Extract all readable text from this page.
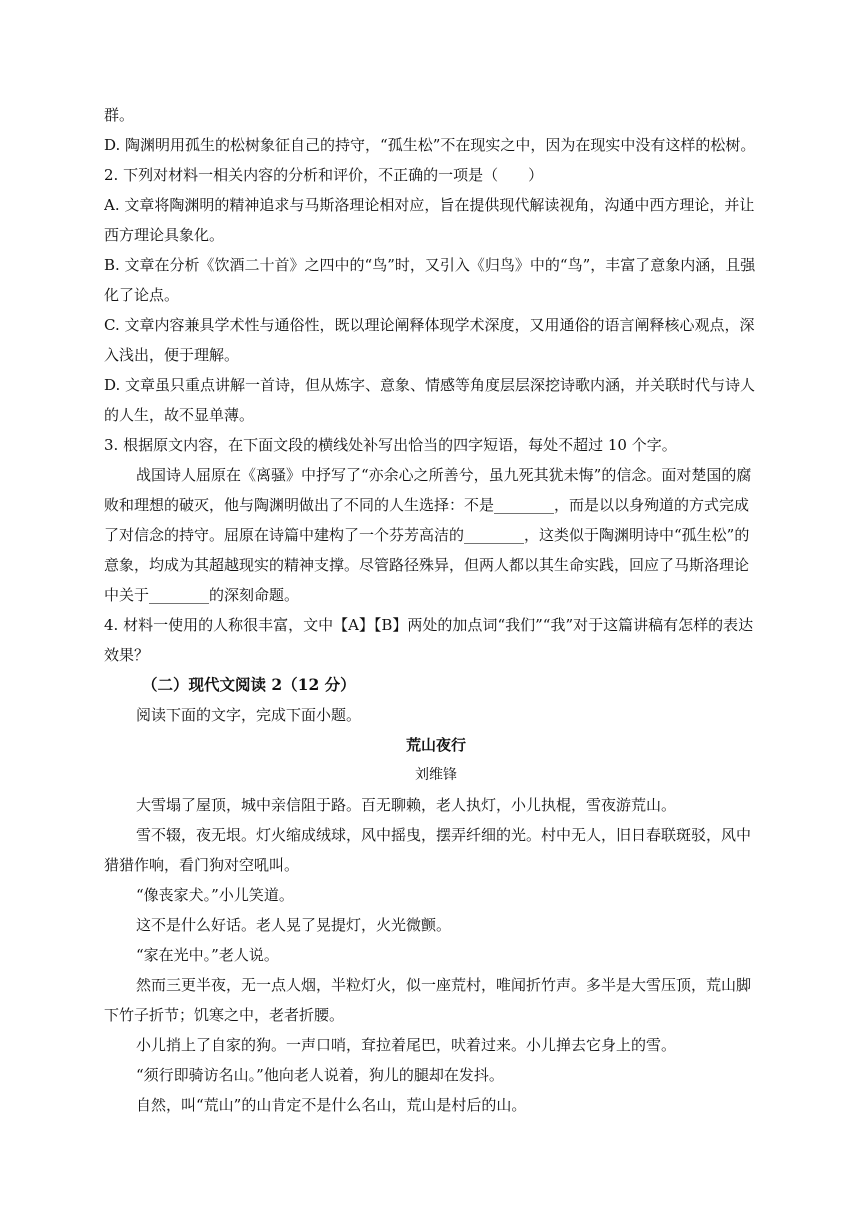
群。
D. 陶渊明用孤生的松树象征自己的持守，“孤生松”不在现实之中，因为在现实中没有这样的松树。
2. 下列对材料一相关内容的分析和评价，不正确的一项是（　　）
A. 文章将陶渊明的精神追求与马斯洛理论相对应，旨在提供现代解读视角，沟通中西方理论，并让
西方理论具象化。
B. 文章在分析《饮酒二十首》之四中的“鸟”时，又引入《归鸟》中的“鸟”，丰富了意象内涵，且强
化了论点。
C. 文章内容兼具学术性与通俗性，既以理论阐释体现学术深度，又用通俗的语言阐释核心观点，深
入浅出，便于理解。
D. 文章虽只重点讲解一首诗，但从炼字、意象、情感等角度层层深挖诗歌内涵，并关联时代与诗人
的人生，故不显单薄。
3. 根据原文内容，在下面文段的横线处补写出恰当的四字短语，每处不超过 10 个字。
战国诗人屈原在《离骚》中抒写了“亦余心之所善兮，虽九死其犹未悔”的信念。面对楚国的腐
败和理想的破灭，他与陶渊明做出了不同的人生选择：不是________，而是以以身殉道的方式完成
了对信念的持守。屈原在诗篇中建构了一个芬芳高洁的________，这类似于陶渊明诗中“孤生松”的
意象，均成为其超越现实的精神支撑。尽管路径殊异，但两人都以其生命实践，回应了马斯洛理论
中关于________的深刻命题。
4. 材料一使用的人称很丰富，文中【A】【B】两处的加点词“我们”“我”对于这篇讲稿有怎样的表达
效果？
（二）现代文阅读 2（12 分）
阅读下面的文字，完成下面小题。
荒山夜行
刘维锋
大雪塌了屋顶，城中亲信阻于路。百无聊赖，老人执灯，小儿执棍，雪夜游荒山。
雪不辍，夜无垠。灯火缩成绒球，风中摇曳，摆弄纤细的光。村中无人，旧日春联斑驳，风中
猎猎作响，看门狗对空吼叫。
“像丧家犬。”小儿笑道。
这不是什么好话。老人晃了晃提灯，火光微颤。
“家在光中。”老人说。
然而三更半夜，无一点人烟，半粒灯火，似一座荒村，唯闻折竹声。多半是大雪压顶，荒山脚
下竹子折节；饥寒之中，老者折腰。
小儿捎上了自家的狗。一声口哨，耷拉着尾巴，吠着过来。小儿掸去它身上的雪。
“须行即骑访名山。”他向老人说着，狗儿的腿却在发抖。
自然，叫“荒山”的山肯定不是什么名山，荒山是村后的山。
